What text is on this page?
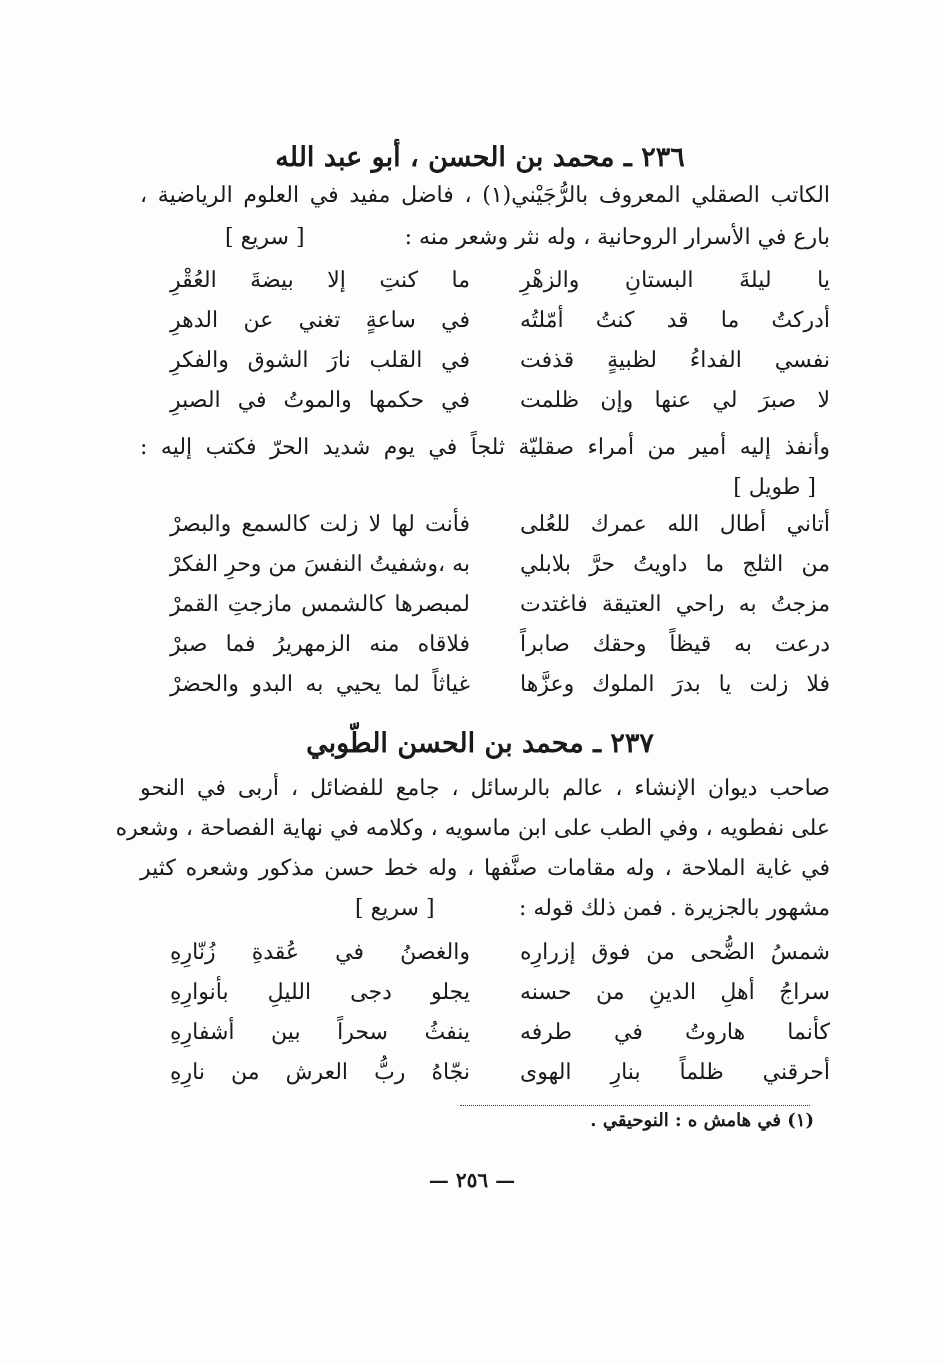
٢٣٦ ـ محمد بن الحسن ، أبو عبد الله
الكاتب الصقلي المعروف بالرُّجَيْني(١) ، فاضل مفيد في العلوم الرياضية ،
بارع في الأسرار الروحانية ، وله نثر وشعر منه :
[ سريع ]
يا ليلةَ البستانِ والزهْرِ
ما كنتِ إلا بيضةَ العُقْرِ
أدركتُ ما قد كنتُ أمّلتُه
في ساعةٍ تغني عن الدهرِ
نفسي الفداءُ لظبيةٍ قذفت
في القلب نارَ الشوق والفكرِ
لا صبرَ لي عنها وإن ظلمت
في حكمها والموتُ في الصبرِ
وأنفذ إليه أمير من أمراء صقليّة ثلجاً في يوم شديد الحرّ فكتب إليه :
[ طويل ]
أتاني أطال الله عمرك للعُلى
فأنت لها لا زلت كالسمع والبصرْ
من الثلج ما داويتُ حرَّ بلابلي
به ،وشفيتُ النفسَ من وحرِ الفكرْ
مزجتُ به راحي العتيقة فاغتدت
لمبصرها كالشمس مازجتِ القمرْ
درعت به قيظاً وحقك صابراً
فلاقاه منه الزمهريرُ فما صبرْ
فلا زلت يا بدرَ الملوك وعزَّها
غياثاً لما يحيي به البدو والحضرْ
٢٣٧ ـ محمد بن الحسن الطّوبي
صاحب ديوان الإنشاء ، عالم بالرسائل ، جامع للفضائل ، أربى في النحو
على نفطويه ، وفي الطب على ابن ماسويه ، وكلامه في نهاية الفصاحة ، وشعره
في غاية الملاحة ، وله مقامات صنَّفها ، وله خط حسن مذكور وشعره كثير
مشهور بالجزيرة . فمن ذلك قوله :
[ سريع ]
شمسُ الضُّحى من فوق إزرارِه
والغصنُ في عُقدةِ زُنّارِهِ
سراجُ أهلِ الدينِ من حسنه
يجلو دجى الليلِ بأنوارِهِ
كأنما هاروتُ في طرفه
ينفثُ سحراً بين أشفارِهِ
أحرقني ظلماً بنارِ الهوى
نجّاهُ ربُّ العرش من نارِهِ
(١) في هامش ه : النوحيقي .
— ٢٥٦ —
